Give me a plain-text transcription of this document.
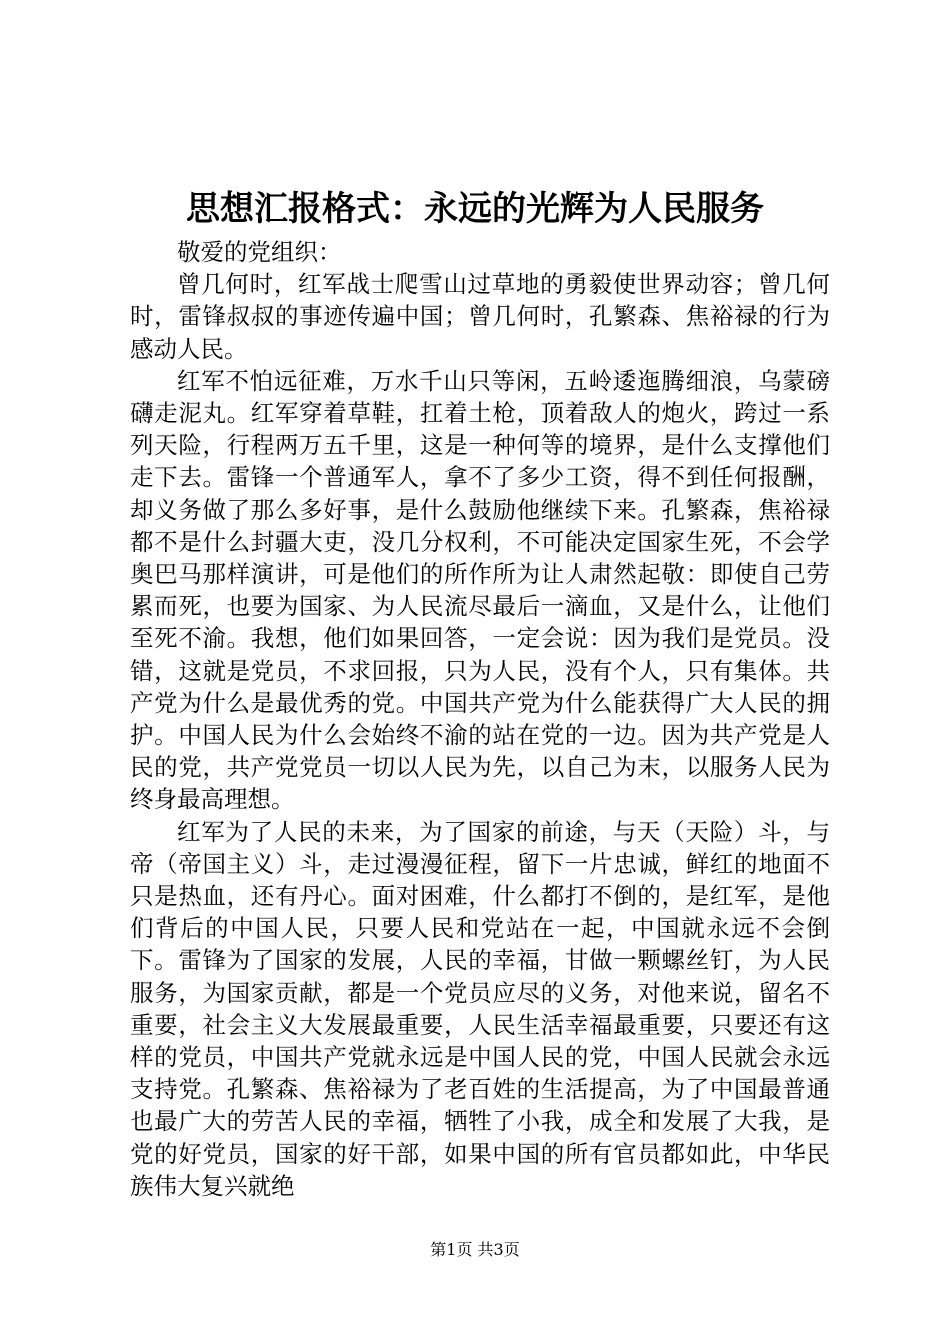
思想汇报格式：永远的光辉为人民服务

敬爱的党组织：

曾几何时，红军战士爬雪山过草地的勇毅使世界动容；曾几何时，雷锋叔叔的事迹传遍中国；曾几何时，孔繁森、焦裕禄的行为感动人民。

红军不怕远征难，万水千山只等闲，五岭逶迤腾细浪，乌蒙磅礴走泥丸。红军穿着草鞋，扛着土枪，顶着敌人的炮火，跨过一系列天险，行程两万五千里，这是一种何等的境界，是什么支撑他们走下去。雷锋一个普通军人，拿不了多少工资，得不到任何报酬，却义务做了那么多好事，是什么鼓励他继续下来。孔繁森，焦裕禄都不是什么封疆大吏，没几分权利，不可能决定国家生死，不会学奥巴马那样演讲，可是他们的所作所为让人肃然起敬：即使自己劳累而死，也要为国家、为人民流尽最后一滴血，又是什么，让他们至死不渝。我想，他们如果回答，一定会说：因为我们是党员。没错，这就是党员，不求回报，只为人民，没有个人，只有集体。共产党为什么是最优秀的党。中国共产党为什么能获得广大人民的拥护。中国人民为什么会始终不渝的站在党的一边。因为共产党是人民的党，共产党党员一切以人民为先，以自己为末，以服务人民为终身最高理想。

红军为了人民的未来，为了国家的前途，与天（天险）斗，与帝（帝国主义）斗，走过漫漫征程，留下一片忠诚，鲜红的地面不只是热血，还有丹心。面对困难，什么都打不倒的，是红军，是他们背后的中国人民，只要人民和党站在一起，中国就永远不会倒下。雷锋为了国家的发展，人民的幸福，甘做一颗螺丝钉，为人民服务，为国家贡献，都是一个党员应尽的义务，对他来说，留名不重要，社会主义大发展最重要，人民生活幸福最重要，只要还有这样的党员，中国共产党就永远是中国人民的党，中国人民就会永远支持党。孔繁森、焦裕禄为了老百姓的生活提高，为了中国最普通也最广大的劳苦人民的幸福，牺牲了小我，成全和发展了大我，是党的好党员，国家的好干部，如果中国的所有官员都如此，中华民族伟大复兴就绝

第1页 共3页
